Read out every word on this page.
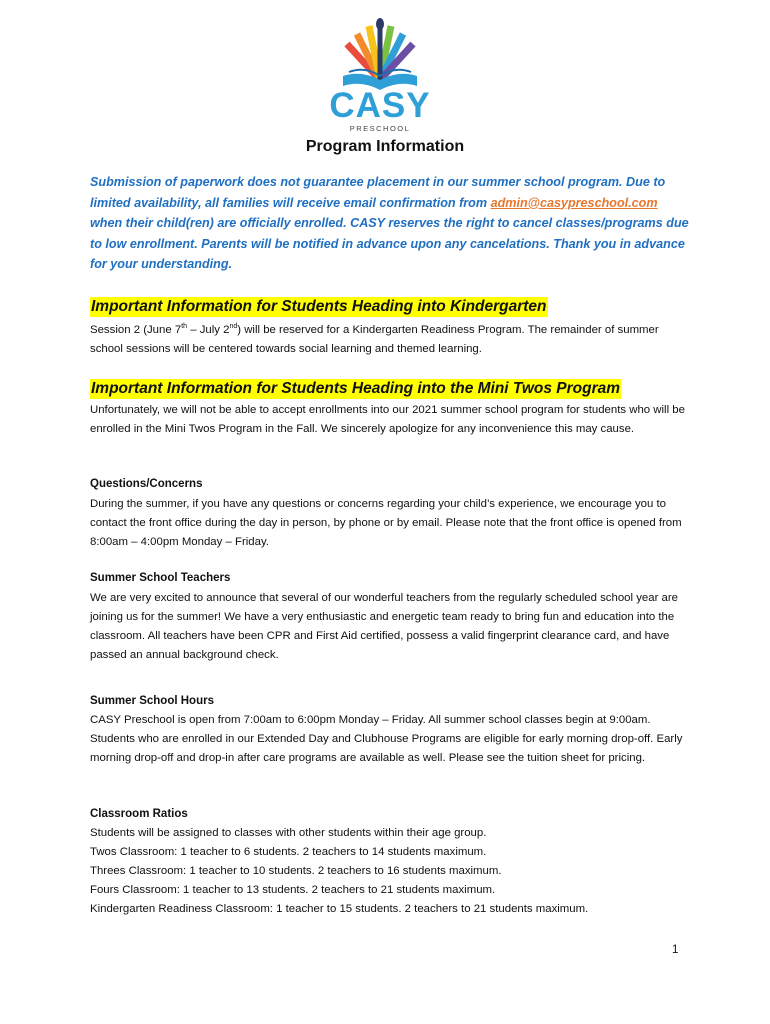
CASY
PRESCHOOL
Program Information
Submission of paperwork does not guarantee placement in our summer school program. Due to limited availability, all families will receive email confirmation from admin@casypreschool.com when their child(ren) are officially enrolled. CASY reserves the right to cancel classes/programs due to low enrollment. Parents will be notified in advance upon any cancelations. Thank you in advance for your understanding.
Important Information for Students Heading into Kindergarten
Session 2 (June 7th – July 2nd) will be reserved for a Kindergarten Readiness Program. The remainder of summer school sessions will be centered towards social learning and themed learning.
Important Information for Students Heading into the Mini Twos Program
Unfortunately, we will not be able to accept enrollments into our 2021 summer school program for students who will be enrolled in the Mini Twos Program in the Fall. We sincerely apologize for any inconvenience this may cause.
Questions/Concerns
During the summer, if you have any questions or concerns regarding your child’s experience, we encourage you to contact the front office during the day in person, by phone or by email. Please note that the front office is opened from 8:00am – 4:00pm Monday – Friday.
Summer School Teachers
We are very excited to announce that several of our wonderful teachers from the regularly scheduled school year are joining us for the summer! We have a very enthusiastic and energetic team ready to bring fun and education into the classroom. All teachers have been CPR and First Aid certified, possess a valid fingerprint clearance card, and have passed an annual background check.
Summer School Hours
CASY Preschool is open from 7:00am to 6:00pm Monday – Friday. All summer school classes begin at 9:00am. Students who are enrolled in our Extended Day and Clubhouse Programs are eligible for early morning drop-off. Early morning drop-off and drop-in after care programs are available as well. Please see the tuition sheet for pricing.
Classroom Ratios
Students will be assigned to classes with other students within their age group.
Twos Classroom: 1 teacher to 6 students. 2 teachers to 14 students maximum.
Threes Classroom: 1 teacher to 10 students. 2 teachers to 16 students maximum.
Fours Classroom: 1 teacher to 13 students. 2 teachers to 21 students maximum.
Kindergarten Readiness Classroom: 1 teacher to 15 students. 2 teachers to 21 students maximum.
1
